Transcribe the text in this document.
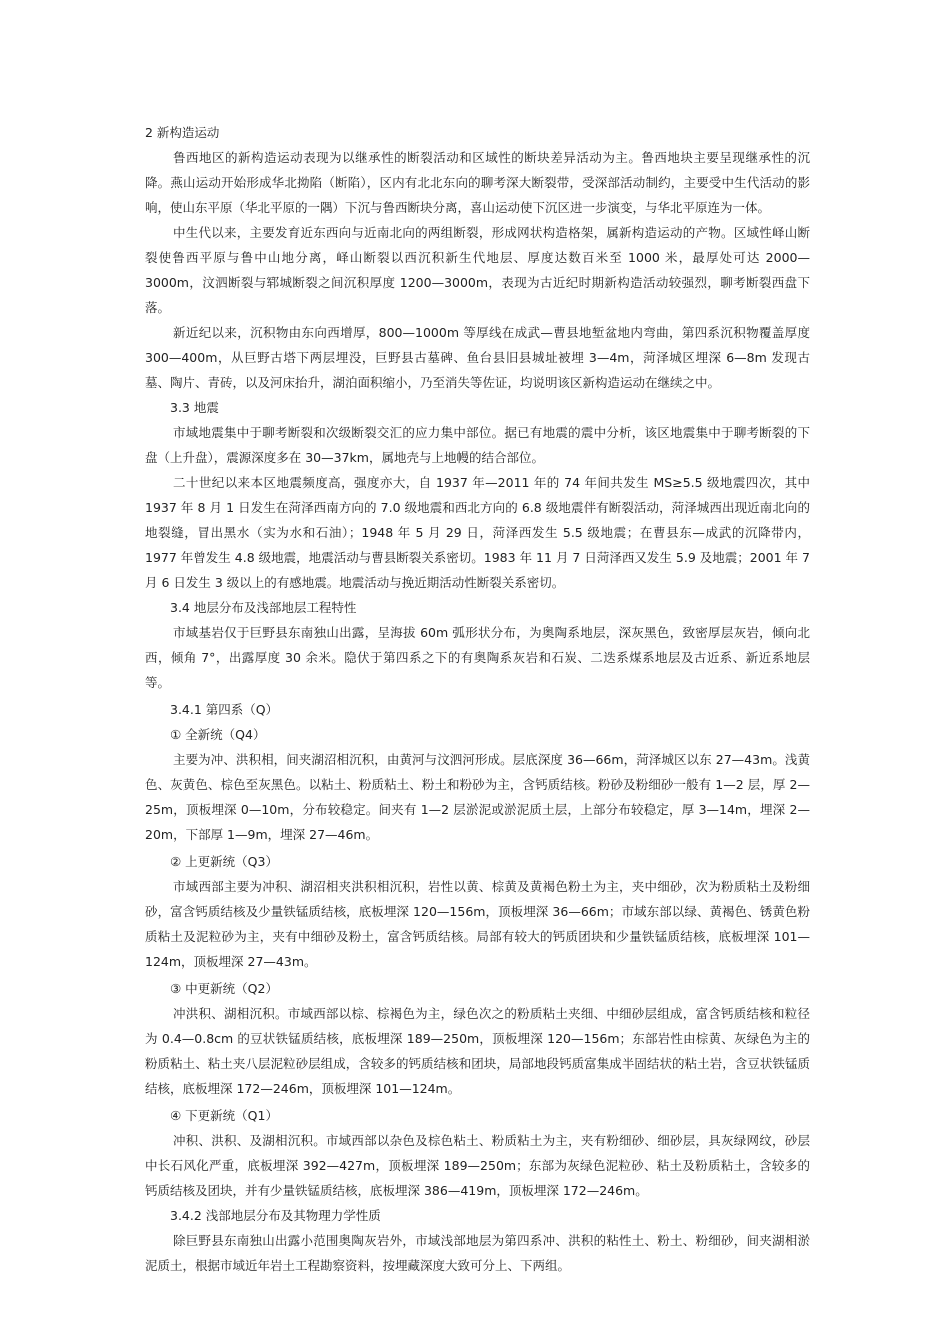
2 新构造运动

鲁西地区的新构造运动表现为以继承性的断裂活动和区域性的断块差异活动为主。鲁西地块主要呈现继承性的沉降。燕山运动开始形成华北拗陷（断陷），区内有北北东向的聊考深大断裂带，受深部活动制约，主要受中生代活动的影响，使山东平原（华北平原的一隅）下沉与鲁西断块分离，喜山运动使下沉区进一步演变，与华北平原连为一体。

中生代以来，主要发育近东西向与近南北向的两组断裂，形成网状构造格架，属新构造运动的产物。区域性峄山断裂使鲁西平原与鲁中山地分离，峄山断裂以西沉积新生代地层、厚度达数百米至 1000 米，最厚处可达 2000—3000m，汶泗断裂与郓城断裂之间沉积厚度 1200—3000m，表现为古近纪时期新构造活动较强烈，聊考断裂西盘下落。

新近纪以来，沉积物由东向西增厚，800—1000m 等厚线在成武—曹县地堑盆地内弯曲，第四系沉积物覆盖厚度 300—400m，从巨野古塔下两层埋没，巨野县古墓碑、鱼台县旧县城址被埋 3—4m，菏泽城区埋深 6—8m 发现古墓、陶片、青砖，以及河床抬升，湖泊面积缩小，乃至消失等佐证，均说明该区新构造运动在继续之中。

3.3 地震

市域地震集中于聊考断裂和次级断裂交汇的应力集中部位。据已有地震的震中分析，该区地震集中于聊考断裂的下盘（上升盘），震源深度多在 30—37km，属地壳与上地幔的结合部位。

二十世纪以来本区地震频度高，强度亦大，自 1937 年—2011 年的 74 年间共发生 MS≥5.5 级地震四次，其中 1937 年 8 月 1 日发生在菏泽西南方向的 7.0 级地震和西北方向的 6.8 级地震伴有断裂活动，菏泽城西出现近南北向的地裂缝，冒出黑水（实为水和石油）；1948 年 5 月 29 日，菏泽西发生 5.5 级地震；在曹县东—成武的沉降带内，1977 年曾发生 4.8 级地震，地震活动与曹县断裂关系密切。1983 年 11 月 7 日菏泽西又发生 5.9 及地震；2001 年 7 月 6 日发生 3 级以上的有感地震。地震活动与挽近期活动性断裂关系密切。

3.4 地层分布及浅部地层工程特性

市域基岩仅于巨野县东南独山出露，呈海拔 60m 弧形状分布，为奥陶系地层，深灰黑色，致密厚层灰岩，倾向北西，倾角 7°，出露厚度 30 余米。隐伏于第四系之下的有奥陶系灰岩和石炭、二迭系煤系地层及古近系、新近系地层等。

3.4.1 第四系（Q）

① 全新统（Q4）

主要为冲、洪积相，间夹湖沼相沉积，由黄河与汶泗河形成。层底深度 36—66m，菏泽城区以东 27—43m。浅黄色、灰黄色、棕色至灰黑色。以粘土、粉质粘土、粉土和粉砂为主，含钙质结核。粉砂及粉细砂一般有 1—2 层，厚 2—25m，顶板埋深 0—10m，分布较稳定。间夹有 1—2 层淤泥或淤泥质土层，上部分布较稳定，厚 3—14m，埋深 2—20m，下部厚 1—9m，埋深 27—46m。

② 上更新统（Q3）

市域西部主要为冲积、湖沼相夹洪积相沉积，岩性以黄、棕黄及黄褐色粉土为主，夹中细砂，次为粉质粘土及粉细砂，富含钙质结核及少量铁锰质结核，底板埋深 120—156m，顶板埋深 36—66m；市域东部以绿、黄褐色、锈黄色粉质粘土及泥粒砂为主，夹有中细砂及粉土，富含钙质结核。局部有较大的钙质团块和少量铁锰质结核，底板埋深 101—124m，顶板埋深 27—43m。

③ 中更新统（Q2）

冲洪积、湖相沉积。市域西部以棕、棕褐色为主，绿色次之的粉质粘土夹细、中细砂层组成，富含钙质结核和粒径为 0.4—0.8cm 的豆状铁锰质结核，底板埋深 189—250m，顶板埋深 120—156m；东部岩性由棕黄、灰绿色为主的粉质粘土、粘土夹八层泥粒砂层组成，含较多的钙质结核和团块，局部地段钙质富集成半固结状的粘土岩，含豆状铁锰质结核，底板埋深 172—246m，顶板埋深 101—124m。

④ 下更新统（Q1）

冲积、洪积、及湖相沉积。市域西部以杂色及棕色粘土、粉质粘土为主，夹有粉细砂、细砂层，具灰绿网纹，砂层中长石风化严重，底板埋深 392—427m，顶板埋深 189—250m；东部为灰绿色泥粒砂、粘土及粉质粘土，含较多的钙质结核及团块，并有少量铁锰质结核，底板埋深 386—419m，顶板埋深 172—246m。

3.4.2 浅部地层分布及其物理力学性质

除巨野县东南独山出露小范围奥陶灰岩外，市域浅部地层为第四系冲、洪积的粘性土、粉土、粉细砂，间夹湖相淤泥质土，根据市域近年岩土工程勘察资料，按埋藏深度大致可分上、下两组。
